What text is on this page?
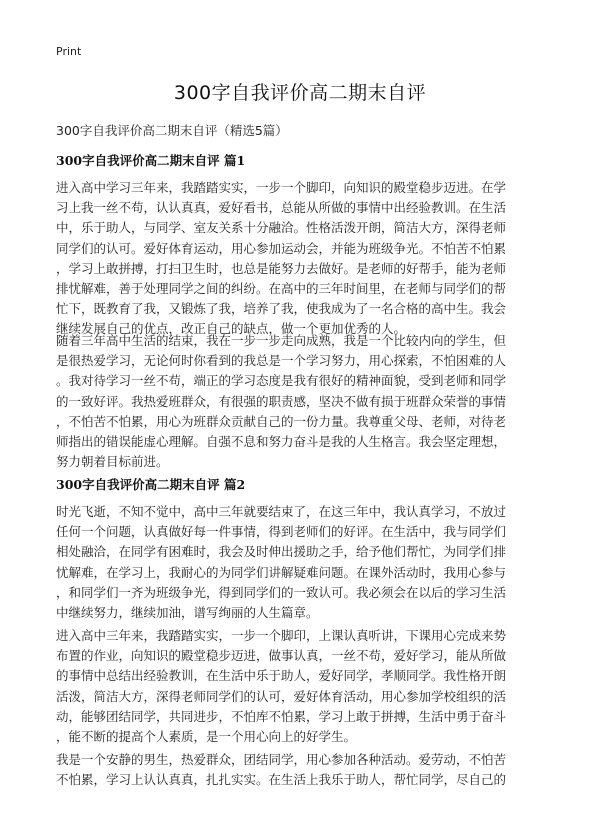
Print
300字自我评价高二期末自评
300字自我评价高二期末自评（精选5篇）
300字自我评价高二期末自评 篇1
进入高中学习三年来，我踏踏实实，一步一个脚印，向知识的殿堂稳步迈进。在学
习上我一丝不苟，认认真真，爱好看书，总能从所做的事情中出经验教训。在生活
中，乐于助人，与同学、室友关系十分融洽。性格活泼开朗，简洁大方，深得老师
同学们的认可。爱好体育运动，用心参加运动会，并能为班级争光。不怕苦不怕累
，学习上敢拼搏，打扫卫生时，也总是能努力去做好。是老师的好帮手，能为老师
排忧解难，善于处理同学之间的纠纷。在高中的三年时间里，在老师与同学们的帮
忙下，既教育了我，又锻炼了我，培养了我，使我成为了一名合格的高中生。我会
继续发展自己的优点，改正自己的缺点，做一个更加优秀的人。
随着三年高中生活的结束，我在一步一步走向成熟，我是一个比较内向的学生，但
是很热爱学习，无论何时你看到的我总是一个学习努力，用心探索，不怕困难的人
。我对待学习一丝不苟，端正的学习态度是我有很好的精神面貌，受到老师和同学
的一致好评。我热爱班群众，有很强的职责感，坚决不做有损于班群众荣誉的事情
，不怕苦不怕累，用心为班群众贡献自己的一份力量。我尊重父母、老师，对待老
师指出的错误能虚心理解。自强不息和努力奋斗是我的人生格言。我会坚定理想，
努力朝着目标前进。
300字自我评价高二期末自评 篇2
时光飞逝，不知不觉中，高中三年就要结束了，在这三年中，我认真学习，不放过
任何一个问题，认真做好每一件事情，得到老师们的好评。在生活中，我与同学们
相处融洽，在同学有困难时，我会及时伸出援助之手，给予他们帮忙，为同学们排
忧解难，在学习上，我耐心的为同学们讲解疑难问题。在课外活动时，我用心参与
，和同学们一齐为班级争光，得到同学们的一致认可。我必须会在以后的学习生活
中继续努力，继续加油，谱写绚丽的人生篇章。
进入高中三年来，我踏踏实实，一步一个脚印，上课认真听讲，下课用心完成来势
布置的作业，向知识的殿堂稳步迈进，做事认真，一丝不苟，爱好学习，能从所做
的事情中总结出经验教训，在生活中乐于助人，爱好同学，孝顺同学。我性格开朗
活泼，简洁大方，深得老师同学们的认可，爱好体育活动，用心参加学校组织的活
动，能够团结同学，共同进步，不怕库不怕累，学习上敢于拼搏，生活中勇于奋斗
，能不断的提高个人素质，是一个用心向上的好学生。
我是一个安静的男生，热爱群众，团结同学，用心参加各种活动。爱劳动，不怕苦
不怕累，学习上认认真真，扎扎实实。在生活上我乐于助人，帮忙同学，尽自己的
